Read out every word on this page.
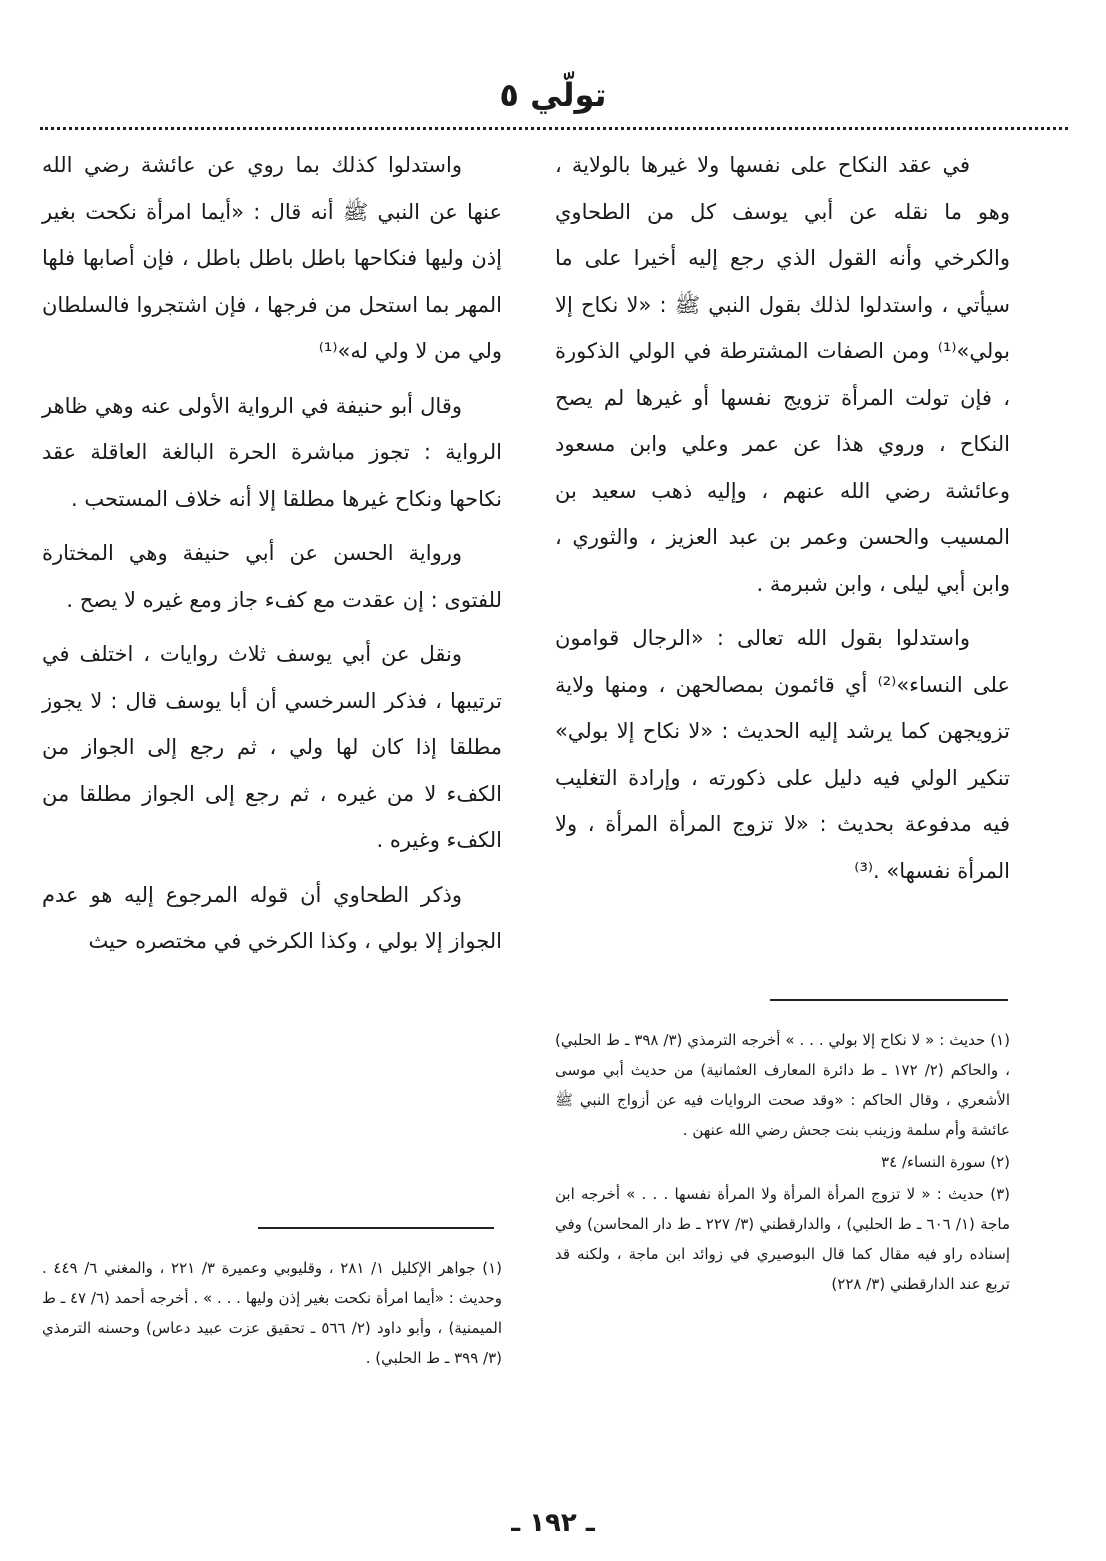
تولّي ٥

في عقد النكاح على نفسها ولا غيرها بالولاية ، وهو ما نقله عن أبي يوسف كل من الطحاوي والكرخي وأنه القول الذي رجع إليه أخيرا على ما سيأتي ، واستدلوا لذلك بقول النبي ﷺ : «لا نكاح إلا بولي»⁽¹⁾ ومن الصفات المشترطة في الولي الذكورة ، فإن تولت المرأة تزويج نفسها أو غيرها لم يصح النكاح ، وروي هذا عن عمر وعلي وابن مسعود وعائشة رضي الله عنهم ، وإليه ذهب سعيد بن المسيب والحسن وعمر بن عبد العزيز ، والثوري ، وابن أبي ليلى ، وابن شبرمة .

واستدلوا بقول الله تعالى : «الرجال قوامون على النساء»⁽²⁾ أي قائمون بمصالحهن ، ومنها ولاية تزويجهن كما يرشد إليه الحديث : «لا نكاح إلا بولي» تنكير الولي فيه دليل على ذكورته ، وإرادة التغليب فيه مدفوعة بحديث : «لا تزوج المرأة المرأة ، ولا المرأة نفسها» .⁽³⁾

(١) حديث : « لا نكاح إلا بولي . . . » أخرجه الترمذي (٣/ ٣٩٨ ـ ط الحلبي) ، والحاكم (٢/ ١٧٢ ـ ط دائرة المعارف العثمانية) من حديث أبي موسى الأشعري ، وقال الحاكم : «وقد صحت الروايات فيه عن أزواج النبي ﷺ عائشة وأم سلمة وزينب بنت جحش رضي الله عنهن .

(٢) سورة النساء/ ٣٤

(٣) حديث : « لا تزوج المرأة المرأة ولا المرأة نفسها . . . » أخرجه ابن ماجة (١/ ٦٠٦ ـ ط الحلبي) ، والدارقطني (٣/ ٢٢٧ ـ ط دار المحاسن) وفي إسناده راو فيه مقال كما قال البوصيري في زوائد ابن ماجة ، ولكنه قد تربع عند الدارقطني (٣/ ٢٢٨)

واستدلوا كذلك بما روي عن عائشة رضي الله عنها عن النبي ﷺ أنه قال : «أيما امرأة نكحت بغير إذن وليها فنكاحها باطل باطل باطل ، فإن أصابها فلها المهر بما استحل من فرجها ، فإن اشتجروا فالسلطان ولي من لا ولي له»⁽¹⁾

وقال أبو حنيفة في الرواية الأولى عنه وهي ظاهر الرواية : تجوز مباشرة الحرة البالغة العاقلة عقد نكاحها ونكاح غيرها مطلقا إلا أنه خلاف المستحب .

ورواية الحسن عن أبي حنيفة وهي المختارة للفتوى : إن عقدت مع كفء جاز ومع غيره لا يصح .

ونقل عن أبي يوسف ثلاث روايات ، اختلف في ترتيبها ، فذكر السرخسي أن أبا يوسف قال : لا يجوز مطلقا إذا كان لها ولي ، ثم رجع إلى الجواز من الكفء لا من غيره ، ثم رجع إلى الجواز مطلقا من الكفء وغيره .

وذكر الطحاوي أن قوله المرجوع إليه هو عدم الجواز إلا بولي ، وكذا الكرخي في مختصره حيث

(١) جواهر الإكليل ١/ ٢٨١ ، وقليوبي وعميرة ٣/ ٢٢١ ، والمغني ٦/ ٤٤٩ . وحديث : «أيما امرأة نكحت بغير إذن وليها . . . » . أخرجه أحمد (٦/ ٤٧ ـ ط الميمنية) ، وأبو داود (٢/ ٥٦٦ ـ تحقيق عزت عبيد دعاس) وحسنه الترمذي (٣/ ٣٩٩ ـ ط الحلبي) .

ـ ١٩٢ ـ
